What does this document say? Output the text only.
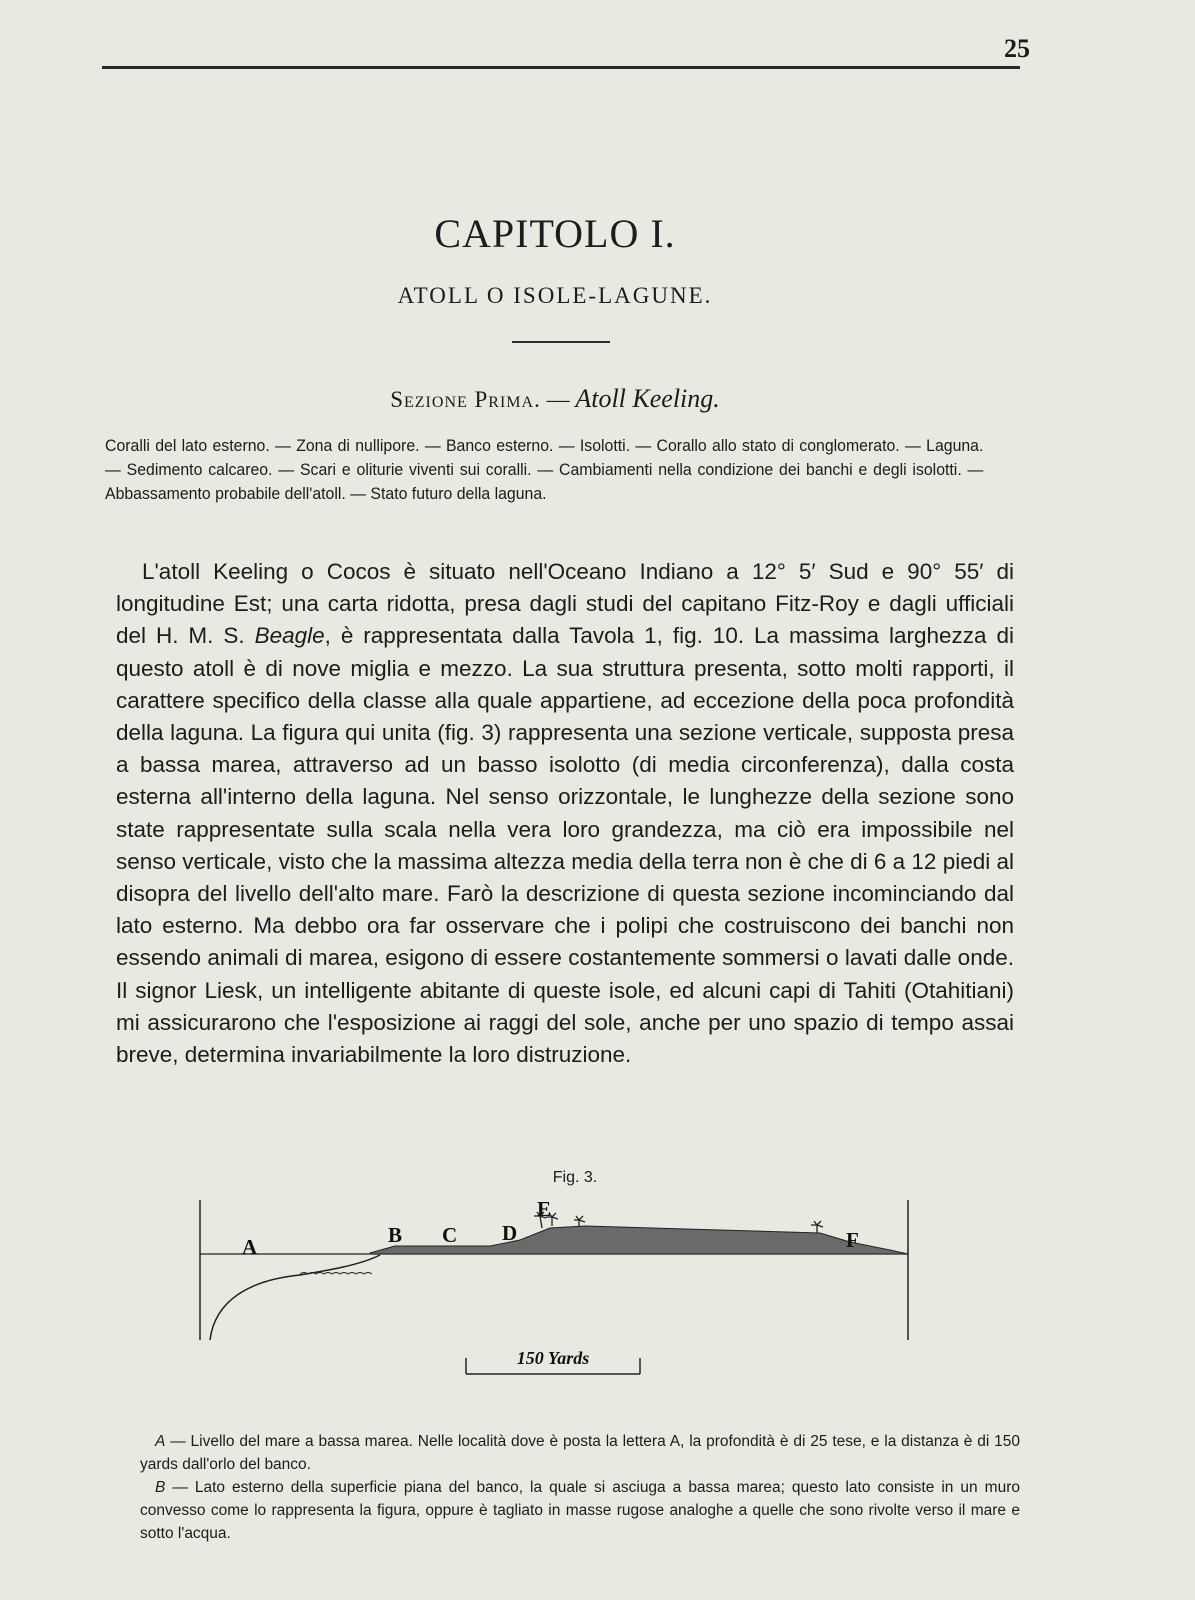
25
CAPITOLO I.
ATOLL O ISOLE-LAGUNE.
Sezione Prima. — Atoll Keeling.
Coralli del lato esterno. — Zona di nullipore. — Banco esterno. — Isolotti. — Corallo allo stato di conglomerato. — Laguna. — Sedimento calcareo. — Scari e oliturie viventi sui coralli. — Cambiamenti nella condizione dei banchi e degli isolotti. — Abbassamento probabile dell'atoll. — Stato futuro della laguna.
L'atoll Keeling o Cocos è situato nell'Oceano Indiano a 12° 5′ Sud e 90° 55′ di longitudine Est; una carta ridotta, presa dagli studi del capitano Fitz-Roy e dagli ufficiali del H. M. S. Beagle, è rappresentata dalla Tavola 1, fig. 10. La massima larghezza di questo atoll è di nove miglia e mezzo. La sua struttura presenta, sotto molti rapporti, il carattere specifico della classe alla quale appartiene, ad eccezione della poca profondità della laguna. La figura qui unita (fig. 3) rappresenta una sezione verticale, supposta presa a bassa marea, attraverso ad un basso isolotto (di media circonferenza), dalla costa esterna all'interno della laguna. Nel senso orizzontale, le lunghezze della sezione sono state rappresentate sulla scala nella vera loro grandezza, ma ciò era impossibile nel senso verticale, visto che la massima altezza media della terra non è che di 6 a 12 piedi al disopra del livello dell'alto mare. Farò la descrizione di questa sezione incominciando dal lato esterno. Ma debbo ora far osservare che i polipi che costruiscono dei banchi non essendo animali di marea, esigono di essere costantemente sommersi o lavati dalle onde. Il signor Liesk, un intelligente abitante di queste isole, ed alcuni capi di Tahiti (Otahitiani) mi assicurarono che l'esposizione ai raggi del sole, anche per uno spazio di tempo assai breve, determina invariabilmente la loro distruzione.
Fig. 3.
A	B C D
E
F
150 Yards

A — Livello del mare a bassa marea. Nelle località dove è posta la lettera A, la profondità è di 25 tese, e la distanza è di 150 yards dall'orlo del banco.

B — Lato esterno della superficie piana del banco, la quale si asciuga a bassa marea; questo lato consiste in un muro convesso come lo rappresenta la figura, oppure è tagliato in masse rugose analoghe a quelle che sono rivolte verso il mare e sotto l'acqua.
